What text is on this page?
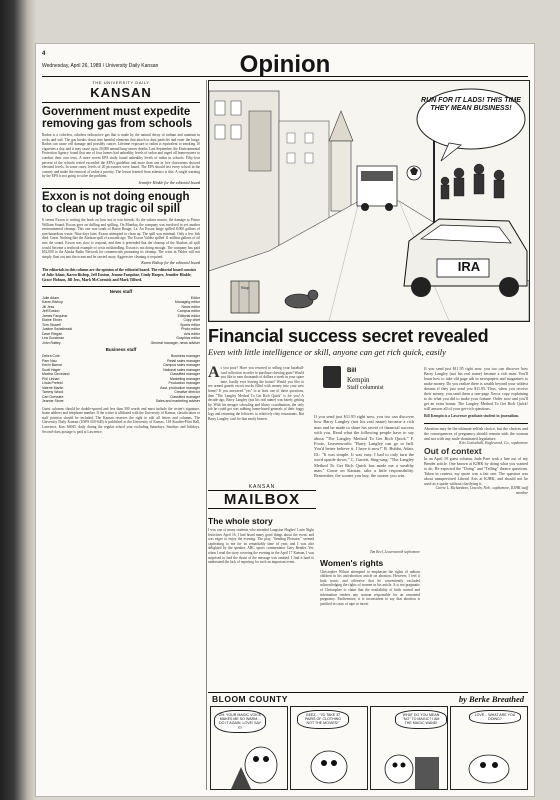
4
Wednesday, April 26, 1989 / University Daily Kansan	Opinion
THE UNIVERSITY DAILY
KANSAN
Government must expedite removing gas from schools
Radon is a colorless, odorless radioactive gas that is made by the natural decay of radium and uranium in rocks and soil. The gas breaks down into harmful elements that attach to dust particles and enter the lungs. Radon can cause cell damage and possibly cancer. Lifetime exposure to radon is equivalent to smoking 10 cigarettes a day, and it may cause up to 20,000 annual lung-cancer deaths. Last September, the Environmental Protection Agency found that one of four homes had unhealthy levels of radon and urged all homeowners to conduct their own tests. A more recent EPA study found unhealthy levels of radon in schools. Fifty-four percent of the schools tested exceeded the EPA's guideline and more than one in five classrooms showed elevated levels. In some cases, levels of 20 picocuries were found. The EPA should test every school in the country and make the removal of radon a priority. The lesson learned from asbestos is this: A single warning by the EPA is not going to solve the problem.
Jennifer Hinkle for the editorial board
Exxon is not doing enough to clean up tragic oil spill
It seems Exxon is writing the book on how not to win friends. As the saloon master, the damage to Prince William Sound, Exxon goes on drilling and spilling. On Monday, the company was involved in yet another environmental cleanup. This one was south of Baton Rouge, La. An Exxon barge spilled 8,000 gallons of non-hazardous waste. Nine days later, Exxon attempted to clean up. The spill was minimal. Only a few fish died. Great. Nothing like the Alaskan spill of a month ago. The Exxon Valdez spilled 11 million gallons of oil into the sound. Exxon was slow to respond, and then it pretended that the cleanup of the Alaskan oil spill would become a textbook example of crisis mishandling. Exxon is not doing enough. The company has paid $52,000 to the Alaska Radio Network for commercials promoting its cleanup. The crisis in Valdez will not simply float out into the ocean and be carried away. Aggressive cleaning is required.
Karen Bishop for the editorial board
The editorials in this column are the opinion of the editorial board. The editorial board consists of Julie Adam, Karen Bishop, Jeff Euston, Jeanne Farquhar, Cindy Harper, Jennifer Hinkle, Grace Hobson, Jill Jess, Mark McCormick and Mark Tilford.
News staff
Julie Adam	Editor
Karen Bishop	Managing editor
Jill Jess	News editor
Jeff Euston	Campus editor
James Farquhar	Editorial editor
Elaine Ebner	Copy chief
Tom Stowell	Sports editor
Justine Swiatlowski	Photo editor
Dave Riegan	Arts editor
Lea Goodman	Graphics editor
John Rattey	General manager, news adviser
Business staff
Debra Cole	Business manager
Pam Nau	Retail sales manager
Kevin Barron	Campus sales manager
Scott Hager	National sales manager
Martha Cleveland	Classified manager
Phil Linhart	Marketing manager
Linda Prefeld	Production manager
Valerie Martin	Asst. production manager
Tammy Wood	Creative director
Carl Gresslee	Classified manager
Jeanne Stone	Sales and marketing adviser
Guest columns should be double-spaced and less than 500 words and must include the writer's signature, home address and telephone number. If the writer is affiliated with the University of Kansas, classification or staff position should be included. The Kansan reserves the right to edit all letters and columns. The University Daily Kansan (USPS 650-640) is published at the University of Kansas, 118 Stauffer-Flint Hall, Lawrence, Kan. 66045, daily during the regular school year excluding Saturdays, Sundays and holidays. Second-class postage is paid at Lawrence.
RUN FOR IT LADS! THIS TIME THEY MEAN BUSINESS!
IRA
Stop
Financial success secret revealed
Even with little intelligence or skill, anyone can get rich quick, easily
As you poor? Have you resorted to selling your baseball-card collection in order to purchase chewing gum? Would you like to earn thousands of dollars a week in your spare time, hardly ever leaving the house? Would you like to see armed guards escort trucks filled with money into your new home? If you answered "yes" to at least one of these questions, then "The Langley Method To Get Rich Quick" is for you! A decade ago, Barry Langley (not his real name) was barely getting by. With his meager schooling and blurry coordination, the only job he could get was rubbing home-based generals of their foggy logs and returning the leftovers to relatively ritzy restaurants. But Barry Langley can't be that easily beaten.
Bill
Kempin
Staff columnist
If you send just $11.95 right now, you too can discover how Barry Langley (not his real name) became a rich man and be made to share his secret of financial success with you. Read what the following people have to say about "The Langley Method To Get Rich Quick." F. Foote, Leavenworth: "Barry Langley can go to hell. You'd better believe it. I have it now!" R. Bubba, Adair, Ill.: "It was simple. It was easy. I had to only turn the word upside down." C. Garrett, Sing-sing: "The Langley Method To Get Rich Quick has made me a wealthy man." Come on Kansan, take a little responsibility. Remember, the sooner you buy, the sooner you win.
If you send just $11.95 right now, you too can discover how Barry Langley (not his real name) became a rich man. You'll learn how to take old page ads in newspapers and magazines to make money. Do you realize there is wealth beyond your wildest dreams if they just send you $11.95. Thus, when you receive their money, you send them a one-page Xerox copy explaining to do what you did to make your fortune. Order now and you'll get an extra bonus: The Langley Method To Get Rich Quick! will answer all of your get-rich questions.
Bill Kempin is a Lawrence graduate student in journalism.
Abortion may be the ultimate selfish choice, but the choices and the consequences of pregnancy should remain with the woman and not with any male-dominated legislature.
Kris Gottschalk, Englewood, Co., sophomore
Out of context
In an April 19 guest column, Jude Pare took a line out of my Bender article. One known at KJHK by doing what you wanted to do. He expected the "Doing" and "Telling" theatre questions. Taken in context, my quote was a fair one. The question was about unsupervised Liberal Arts at KJHK, and should not be used as a quote without clarifying it.
Carrie L. Richardson, Lincoln, Neb., sophomore, KJHK staff member
KANSAN
MAILBOX
The whole story
I was one of many students who attended Langston Hughes' Latin Night festivities April 16. I had heard many good things about the event, and was eager to enjoy the evening. The play, "Sending Pleasure," seemed captivating to me for its remarkably time of year, and I was also delighted by the speaker, ABC sports commentator Gary Bender. Yet, when I read the story covering the evening in the April 17 Kansan, I was surprised to find the thrust of the message was omitted. I find it hard to understand the lack of reporting for such an important event.
Tim Keel, Leavenworth sophomore
Women's rights
Christopher Wilson attempted to emphasize the rights of unborn children in his anti-abortion article on abortion. However, I feel it both ironic and offensive that he conveniently excluded acknowledging the rights of women in his article. It is not pragmatic of Christopher to claim that the availability of birth control and information renders any woman responsible for an unwanted pregnancy. Furthermore, it is inconsistent to say that abortion is justified in cases of rape or incest.
BLOOM COUNTY	by Berke Breathed
OH, YOUR MAGIC VOICE MAKES ME SO WARM... DO IT AGAIN, LOVE! SAY IT!
GEEZ... "I'D TAKE 37 PAIRS OF CLOTHING NOT THE MOVIES!"
WHAT DO YOU MEAN "NO" TO MAGIC? I AM THE MAGIC WAND!
LOVE... WHAT ARE YOU DOING?
